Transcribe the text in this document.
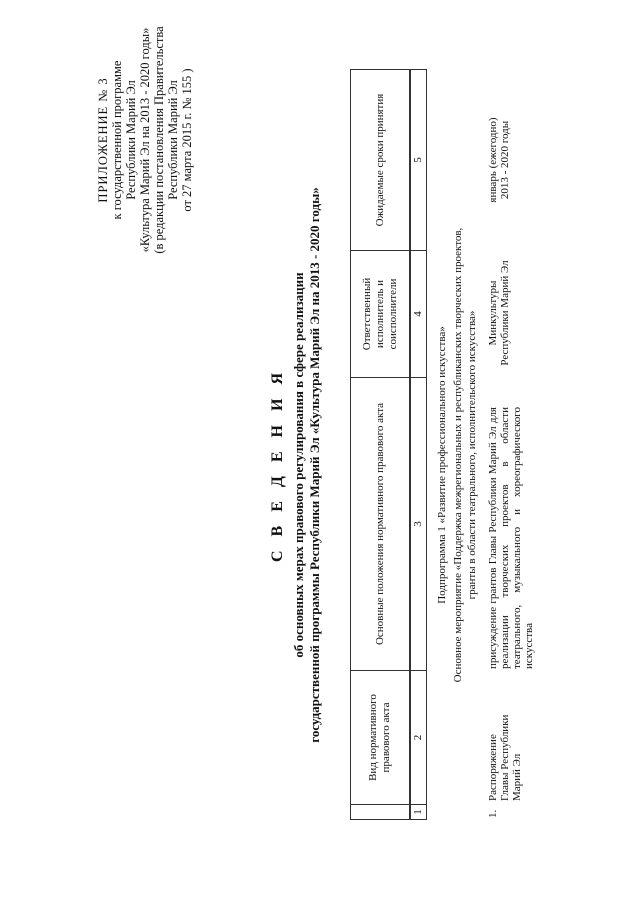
ПРИЛОЖЕНИЕ № 3 к государственной программе Республики Марий Эл «Культура Марий Эл на 2013 - 2020 годы» (в редакции постановления Правительства Республики Марий Эл от 27 марта 2015 г. № 155 )
С В Е Д Е Н И Я об основных мерах правового регулирования в сфере реализации государственной программы Республики Марий Эл «Культура Марий Эл на 2013 - 2020 годы»	Вид нормативного правового акта
Основные положения нормативного правового акта
Ответственный исполнитель и соисполнители
Ожидаемые сроки принятия
1
2
3
4
5
Подпрограмма 1 «Развитие профессионального искусства» Основное мероприятие «Поддержка межрегиональных и республиканских творческих проектов, гранты в области театрального, исполнительского искусства»
1.
Распоряжение Главы Республики Марий Эл
присуждение грантов Главы Республики Марий Эл для реализации творческих проектов в области театрального, музыкального и хореографического искусства
Минкультуры Республики Марий Эл
январь (ежегодно) 2013 - 2020 годы
